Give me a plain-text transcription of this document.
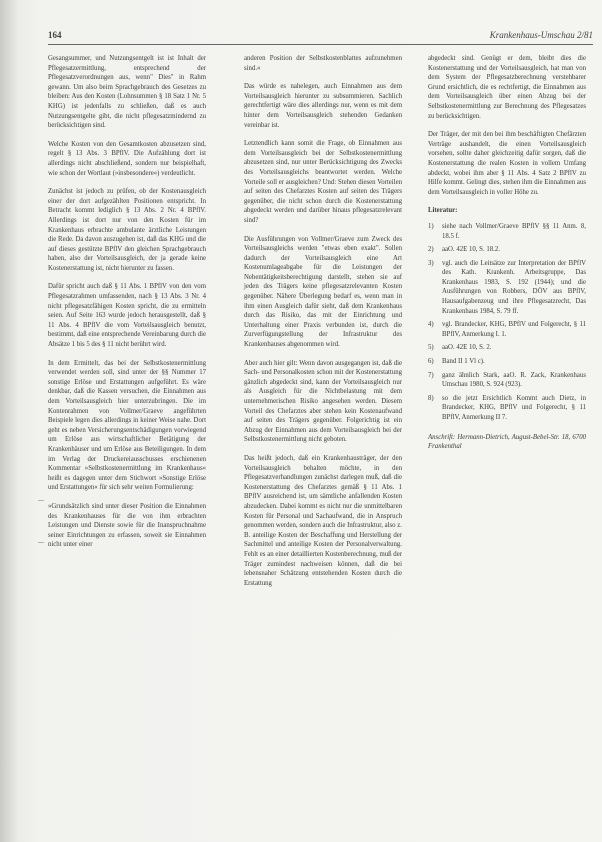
164	Krankenhaus-Umschau 2/81
—
—

Gesangsummer, und Nutzungsentgelt ist ist Inhalt der Pflegesatzermittlung, entsprechend der Pflegesatzverordnungen aus, wenn" Dies" in Rahm gewann. Um also beim Sprachgebrauch des Gesetzes zu bleiben: Aus den Kosten (Lohnsummen § 18 Satz 1 Nr. 5 KHG) ist jedenfalls zu schließen, daß es auch Nutzungsentgelte gibt, die nicht pflegesatzmindernd zu berücksichtigen sind.

Welche Kosten von den Gesamtkosten abzusetzen sind, regelt § 13 Abs. 3 BPflV. Die Aufzählung dort ist allerdings nicht abschließend, sondern nur beispielhaft, wie schon der Wortlaut (»insbesondere«) verdeutlicht.

Zunächst ist jedoch zu prüfen, ob der Kostenausgleich einer der dort aufgezählten Positionen entspricht. In Betracht kommt lediglich § 13 Abs. 2 Nr. 4 BPflV. Allerdings ist dort nur von den Kosten für im Krankenhaus erbrachte ambulante ärztliche Leistungen die Rede. Da davon auszugehen ist, daß das KHG und die auf dieses gestützte BPflV den gleichen Sprachgebrauch haben, also der Vorteilsausgleich, der ja gerade keine Kostenerstattung ist, nicht hierunter zu fassen.

Dafür spricht auch daß § 11 Abs. 1 BPflV von den vom Pflegesatzrahmen umfassenden, nach § 13 Abs. 3 Nr. 4 nicht pflegesatzfähigen Kosten spricht, die zu ermitteln seien. Auf Seite 163 wurde jedoch herausgestellt, daß § 11 Abs. 4 BPflV die vom Vorteilsausgleich benutzt, bestimmt, daß eine entsprechende Vereinbarung durch die Absätze 1 bis 5 des § 11 nicht berührt wird.

In dem Ermittelt, das bei der Selbstkostenermittlung verwendet werden soll, sind unter der §§ Nummer 17 sonstige Erlöse und Erstattungen aufgeführt. Es wäre denkbar, daß die Kassen versuchen, die Einnahmen aus dem Vorteilsausgleich hier unterzubringen. Die im Kontenrahmen von Vollmer/Graeve angeführten Beispiele legen dies allerdings in keiner Weise nahe. Dort geht es neben Versicherungsentschädigungen vorwiegend um Erlöse aus wirtschaftlicher Betätigung der Krankenhäuser und um Erlöse aus Beteiligungen. In dem im Verlag der Druckereiausschusses erschienenen Kommentar »Selbstkostenermittlung im Krankenhaus« heißt es dagegen unter dem Stichwort »Sonstige Erlöse und Erstattungen« für sich sehr weiten Formulierung:

»Grundsätzlich sind unter dieser Position die Einnahmen des Krankenhauses für die von ihm erbrachten Leistungen und Dienste sowie für die Inanspruchnahme seiner Einrichtungen zu erfassen, soweit sie Einnahmen nicht unter einer

anderen Position der Selbstkostenblattes aufzunehmen sind.«

Das würde es nahelegen, auch Einnahmen aus dem Vorteilsausgleich hierunter zu subsummieren. Sachlich gerechtfertigt wäre dies allerdings nur, wenn es mit dem hinter dem Vorteilsausgleich stehenden Gedanken vereinbar ist.

Letztendlich kann somit die Frage, ob Einnahmen aus dem Vorteilsausgleich bei der Selbstkostenermittlung abzusetzen sind, nur unter Berücksichtigung des Zwecks des Vorteilsausgleichs beantwortet werden. Welche Vorteile soll er ausgleichen? Und: Stehen diesen Vorteilen auf seiten des Chefarztes Kosten auf seiten des Trägers gegenüber, die nicht schon durch die Kostenerstattung abgedeckt werden und darüber hinaus pflegesatzrelevant sind?

Die Ausführungen von Vollmer/Graeve zum Zweck des Vorteilsausgleichs werden "etwas eben exakt". Sollen dadurch der Vorteilsausgleich eine Art Kostenumlageabgabe für die Leistungen der Nebentätigkeitsberechtigung darstellt, stehen sie auf jeden des Trägers keine pflegesatzrelevanten Kosten gegenüber. Nähere Überlegung bedarf es, wenn man in ihm einen Ausgleich dafür sieht, daß dem Krankenhaus durch das Risiko, das mit der Einrichtung und Unterhaltung einer Praxis verbunden ist, durch die Zurverfügungstellung der Infrastruktur des Krankenhauses abgenommen wird.

Aber auch hier gilt: Wenn davon ausgegangen ist, daß die Sach- und Personalkosten schon mit der Kostenerstattung gänzlich abgedeckt sind, kann der Vorteilsausgleich nur als Ausgleich für die Nichtbelastung mit dem unternehmerischen Risiko angesehen werden. Diesem Vorteil des Chefarztes aber stehen kein Kostenaufwand auf seiten des Trägers gegenüber. Folgerichtig ist ein Abzug der Einnahmen aus dem Vorteilsausgleich bei der Selbstkostenermittlung nicht geboten.

Das heißt jedoch, daß ein Krankenhausträger, der den Vorteilsausgleich behalten möchte, in den Pflegesatzverhandlungen zunächst darlegen muß, daß die Kostenerstattung des Chefarztes gemäß § 11 Abs. 1 BPflV ausreichend ist, um sämtliche anfallenden Kosten abzudecken. Dabei kommt es nicht nur die unmittelbaren Kosten für Personal und Sachaufwand, die in Anspruch genommen werden, sondern auch die Infrastruktur, also z. B. anteilige Kosten der Beschaffung und Herstellung der Sachmittel und anteilige Kosten der Personalverwaltung. Fehlt es an einer detaillierten Kostenberechnung, muß der Träger zumindest nachweisen können, daß die bei lebensnaher Schätzung entstehenden Kosten durch die Erstattung

abgedeckt sind. Genügt er dem, bleibt dies die Kostenerstattung und der Vorteilsausgleich, hat man von dem System der Pflegesatzberechnung verstehbarer Grund ersichtlich, die es rechtfertigt, die Einnahmen aus dem Vorteilsausgleich über einen Abzug bei der Selbstkostenermittlung zur Berechnung des Pflegesatzes zu berücksichtigen.

Der Träger, der mit den bei ihm beschäftigten Chefärzten Verträge aushandelt, die einen Vorteilsausgleich vorsehen, sollte daher gleichzeitig dafür sorgen, daß die Kostenerstattung die realen Kosten in vollem Umfang abdeckt, wobei ihm aber § 11 Abs. 4 Satz 2 BPflV zu Hilfe kommt. Gelingt dies, stehen ihm die Einnahmen aus dem Vorteilsausgleich in voller Höhe zu.

Literatur:
1) siehe nach Vollmer/Graeve BPflV §§ 11 Anm. 8, 18.5 f.
2) aaO. 42E 10, S. 18.2.
3) vgl. auch die Leitsätze zur Interpretation der BPflV des Kath. Krankenh. Arbeitsgruppe, Das Krankenhaus 1983, S. 192 (1944); und die Ausführungen von Robbers, DÖV aus BPflV, Hausaufgabenzeug und ihre Pflegesatzrecht, Das Krankenhaus 1984, S. 79 ff.
4) vgl. Brandecker, KHG, BPflV und Folgerecht, § 11 BPflV, Anmerkung I. 1.
5) aaO. 42E 10, S. 2.
6) Band II 1 Vl c).
7) ganz ähnlich Stark, aaO. R. Zack, Krankenhaus Umschau 1980, S. 924 (923).
8) so die jetzt Ersichtlich Kommt auch Dietz, in Brandecker, KHG, BPflV und Folgerecht, § 11 BPflV, Anmerkung II 7.
Anschrift: Hermann-Dietrich, August-Bebel-Str. 18, 6700 Frankenthal
